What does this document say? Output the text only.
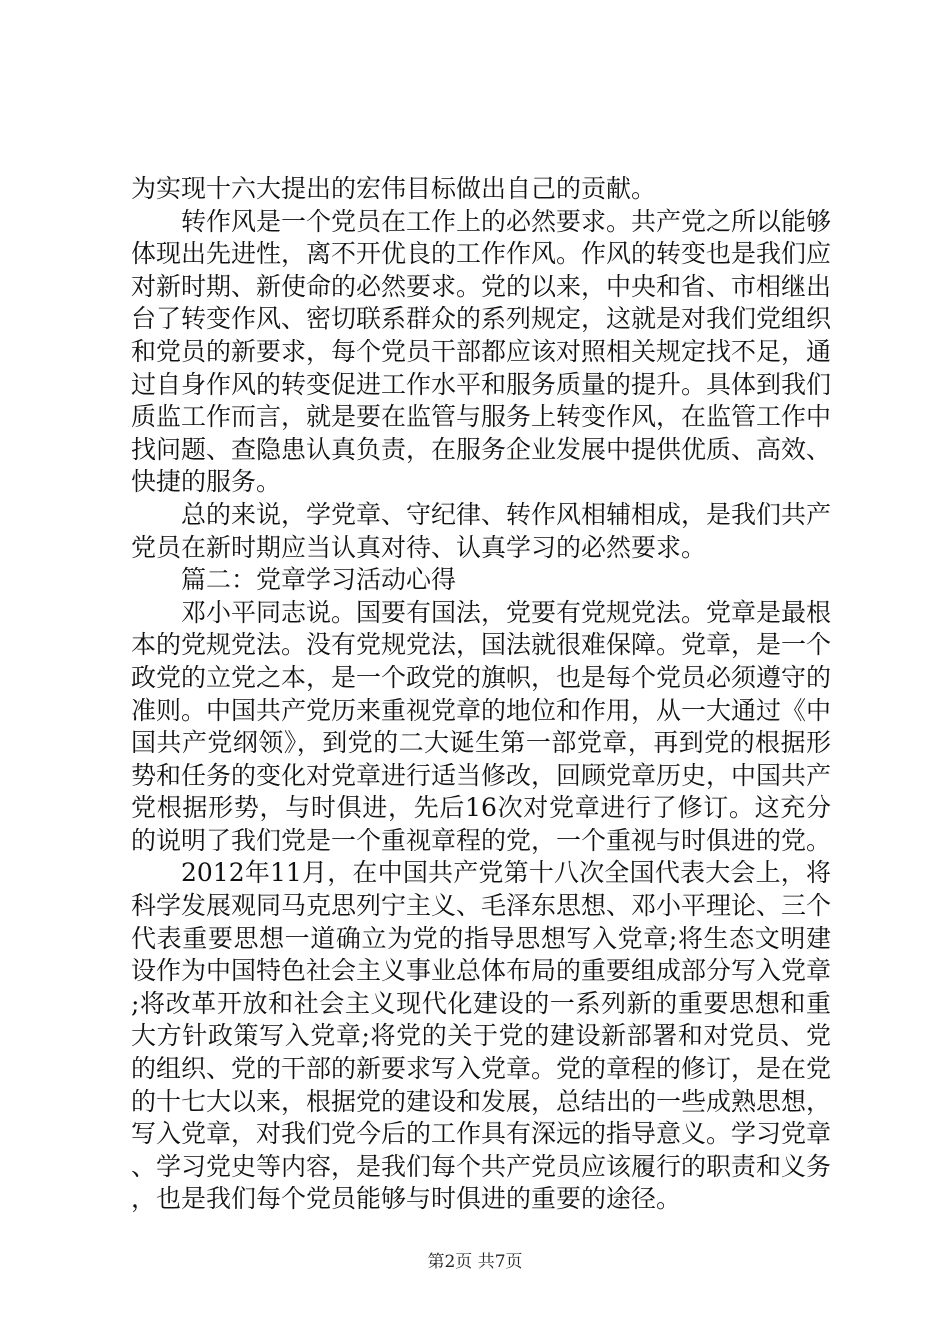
为实现十六大提出的宏伟目标做出自己的贡献。

转作风是一个党员在工作上的必然要求。共产党之所以能够体现出先进性，离不开优良的工作作风。作风的转变也是我们应对新时期、新使命的必然要求。党的以来，中央和省、市相继出台了转变作风、密切联系群众的系列规定，这就是对我们党组织和党员的新要求，每个党员干部都应该对照相关规定找不足，通过自身作风的转变促进工作水平和服务质量的提升。具体到我们质监工作而言，就是要在监管与服务上转变作风，在监管工作中找问题、查隐患认真负责，在服务企业发展中提供优质、高效、快捷的服务。

总的来说，学党章、守纪律、转作风相辅相成，是我们共产党员在新时期应当认真对待、认真学习的必然要求。

篇二：党章学习活动心得

邓小平同志说。国要有国法，党要有党规党法。党章是最根本的党规党法。没有党规党法，国法就很难保障。党章，是一个政党的立党之本，是一个政党的旗帜，也是每个党员必须遵守的准则。中国共产党历来重视党章的地位和作用，从一大通过《中国共产党纲领》，到党的二大诞生第一部党章，再到党的根据形势和任务的变化对党章进行适当修改，回顾党章历史，中国共产党根据形势，与时俱进，先后16次对党章进行了修订。这充分的说明了我们党是一个重视章程的党，一个重视与时俱进的党。

2012年11月，在中国共产党第十八次全国代表大会上，将科学发展观同马克思列宁主义、毛泽东思想、邓小平理论、三个代表重要思想一道确立为党的指导思想写入党章;将生态文明建设作为中国特色社会主义事业总体布局的重要组成部分写入党章;将改革开放和社会主义现代化建设的一系列新的重要思想和重大方针政策写入党章;将党的关于党的建设新部署和对党员、党的组织、党的干部的新要求写入党章。党的章程的修订，是在党的十七大以来，根据党的建设和发展，总结出的一些成熟思想，写入党章，对我们党今后的工作具有深远的指导意义。学习党章、学习党史等内容，是我们每个共产党员应该履行的职责和义务，也是我们每个党员能够与时俱进的重要的途径。

第2页 共7页
